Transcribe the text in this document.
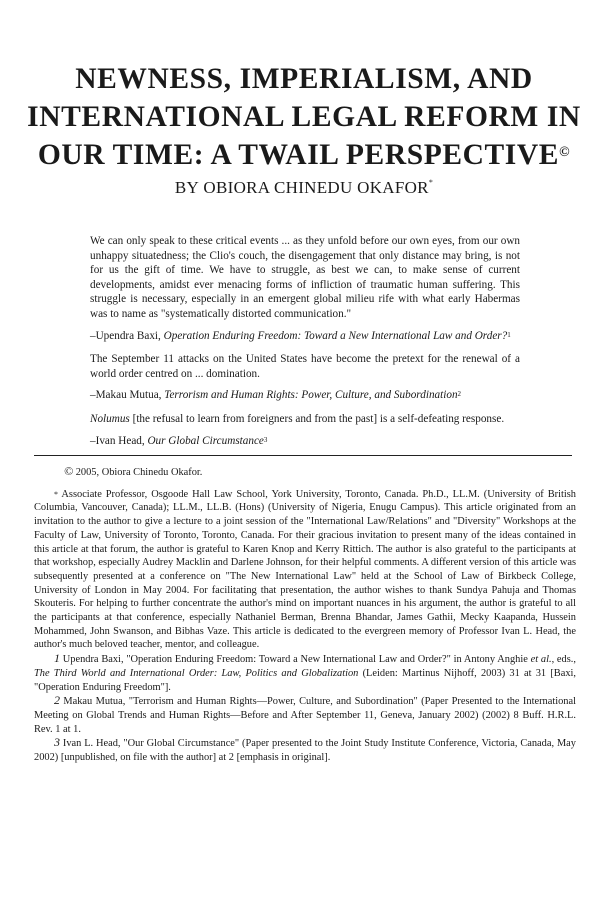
NEWNESS, IMPERIALISM, AND
INTERNATIONAL LEGAL REFORM IN
OUR TIME: A TWAIL PERSPECTIVE©
BY OBIORA CHINEDU OKAFOR*

We can only speak to these critical events ... as they unfold before our own eyes, from our own unhappy situatedness; the Clio's couch, the disengagement that only distance may bring, is not for us the gift of time. We have to struggle, as best we can, to make sense of current developments, amidst ever menacing forms of infliction of traumatic human suffering. This struggle is necessary, especially in an emergent global milieu rife with what early Habermas was to name as "systematically distorted communication."

–Upendra Baxi, Operation Enduring Freedom: Toward a New International Law and Order?$^1$

The September 11 attacks on the United States have become the pretext for the renewal of a world order centred on ... domination.

–Makau Mutua, Terrorism and Human Rights: Power, Culture, and Subordination$^2$

Nolumus [the refusal to learn from foreigners and from the past] is a self-defeating response.

–Ivan Head, Our Global Circumstance$^3$

© 2005, Obiora Chinedu Okafor.

* Associate Professor, Osgoode Hall Law School, York University, Toronto, Canada. Ph.D., LL.M. (University of British Columbia, Vancouver, Canada); LL.M., LL.B. (Hons) (University of Nigeria, Enugu Campus). This article originated from an invitation to the author to give a lecture to a joint session of the "International Law/Relations" and "Diversity" Workshops at the Faculty of Law, University of Toronto, Toronto, Canada. For their gracious invitation to present many of the ideas contained in this article at that forum, the author is grateful to Karen Knop and Kerry Rittich. The author is also grateful to the participants at that workshop, especially Audrey Macklin and Darlene Johnson, for their helpful comments. A different version of this article was subsequently presented at a conference on "The New International Law" held at the School of Law of Birkbeck College, University of London in May 2004. For facilitating that presentation, the author wishes to thank Sundya Pahuja and Thomas Skouteris. For helping to further concentrate the author's mind on important nuances in his argument, the author is grateful to all the participants at that conference, especially Nathaniel Berman, Brenna Bhandar, James Gathii, Mecky Kaapanda, Hussein Mohammed, John Swanson, and Bibhas Vaze. This article is dedicated to the evergreen memory of Professor Ivan L. Head, the author's much beloved teacher, mentor, and colleague.

1 Upendra Baxi, "Operation Enduring Freedom: Toward a New International Law and Order?" in Antony Anghie et al., eds., The Third World and International Order: Law, Politics and Globalization (Leiden: Martinus Nijhoff, 2003) 31 at 31 [Baxi, "Operation Enduring Freedom"].

2 Makau Mutua, "Terrorism and Human Rights—Power, Culture, and Subordination" (Paper Presented to the International Meeting on Global Trends and Human Rights—Before and After September 11, Geneva, January 2002) (2002) 8 Buff. H.R.L. Rev. 1 at 1.

3 Ivan L. Head, "Our Global Circumstance" (Paper presented to the Joint Study Institute Conference, Victoria, Canada, May 2002) [unpublished, on file with the author] at 2 [emphasis in original].
